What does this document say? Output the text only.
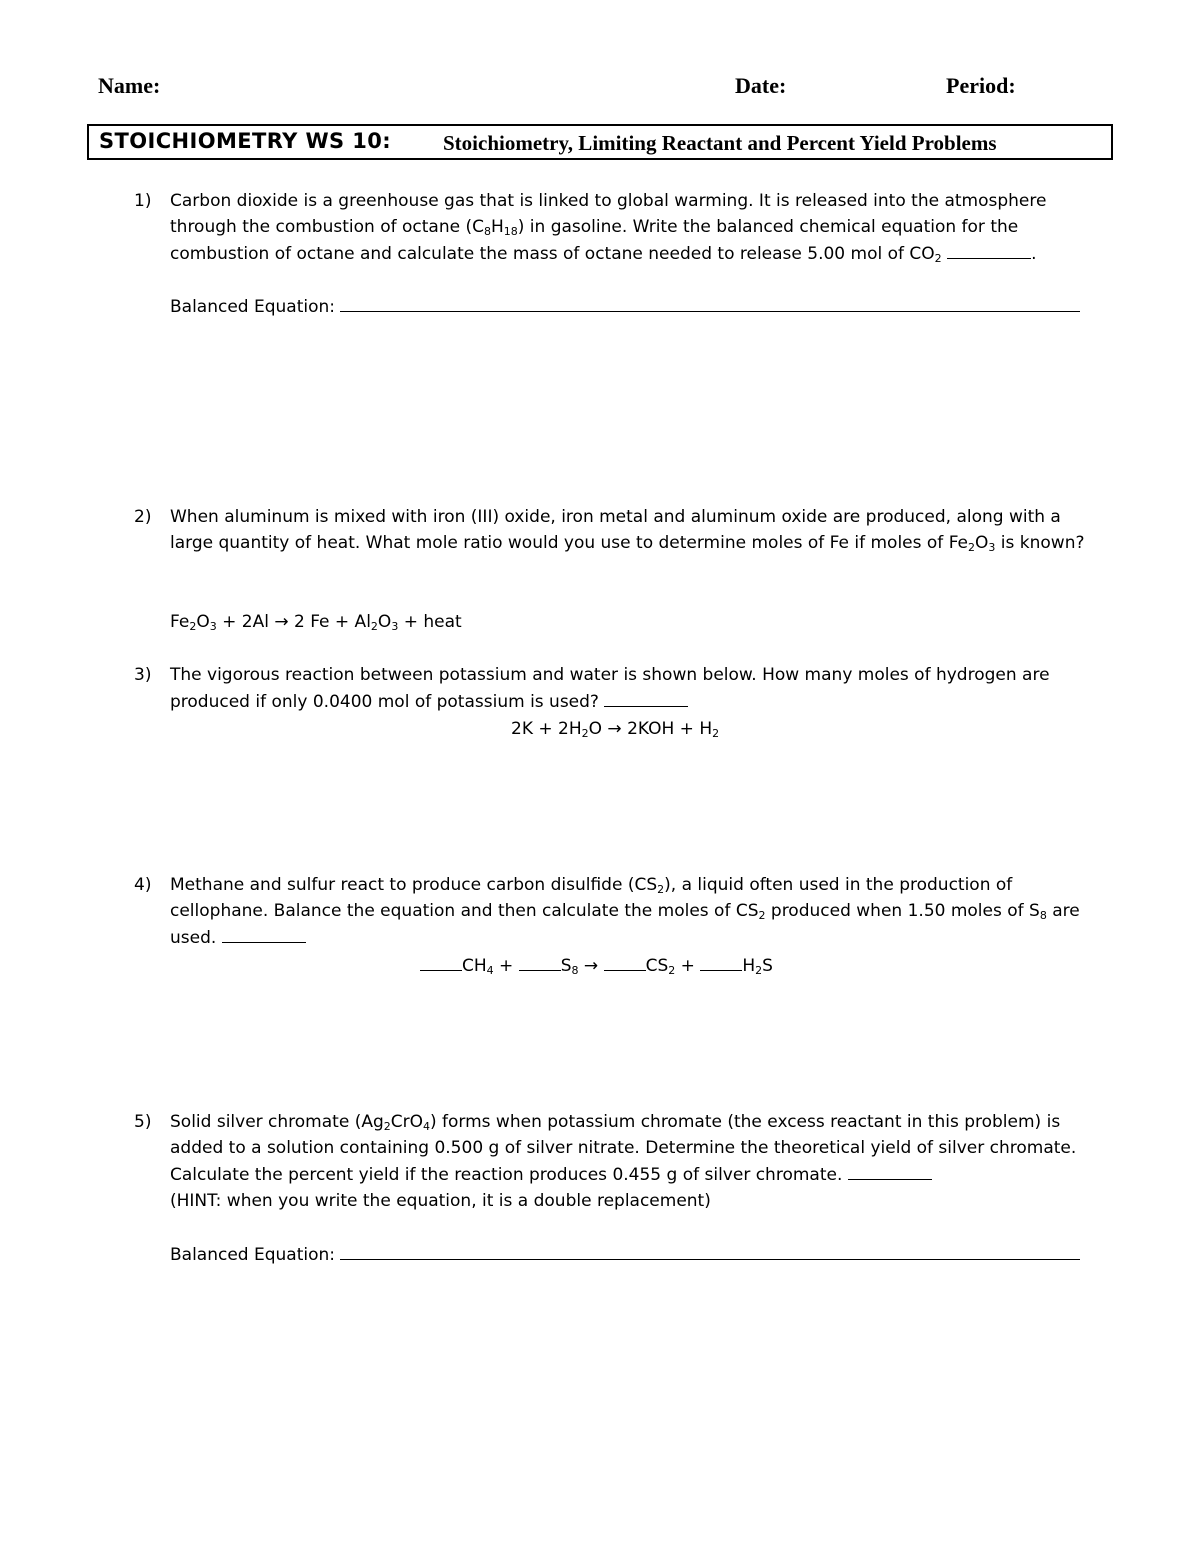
Name:	Date:	Period:
STOICHIOMETRY WS 10: Stoichiometry, Limiting Reactant and Percent Yield Problems
1) Carbon dioxide is a greenhouse gas that is linked to global warming. It is released into the atmosphere through the combustion of octane $(C_8H_{18})$ in gasoline. Write the balanced chemical equation for the combustion of octane and calculate the mass of octane needed to release 5.00 mol of $CO_2$	.

Balanced Equation:
2) When aluminum is mixed with iron (III) oxide, iron metal and aluminum oxide are produced, along with a large quantity of heat. What mole ratio would you use to determine moles of Fe if moles of $Fe_2O_3$ is known?

$Fe_2O_3 + 2Al \to 2$ $Fe + Al_2O_3$ + heat
3) The vigorous reaction between potassium and water is shown below. How many moles of hydrogen are produced if only 0.0400 mol of potassium is used?

$2K + 2H_2O \to 2KOH + H_2$
4) Methane and sulfur react to produce carbon disulfide $(CS_2)$, a liquid often used in the production of cellophane. Balance the equation and then calculate the moles of $CS_2$ produced when 1.50 moles of $S_8$ are used.

$CH_4 + S_8$ →	$CS_2 + H_2S$
5) Solid silver chromate $(Ag_2CrO_4)$ forms when potassium chromate (the excess reactant in this problem) is added to a solution containing 0.500 g of silver nitrate. Determine the theoretical yield of silver chromate. Calculate the percent yield if the reaction produces 0.455 g of silver chromate.

(HINT: when you write the equation, it is a double replacement)

Balanced Equation:
